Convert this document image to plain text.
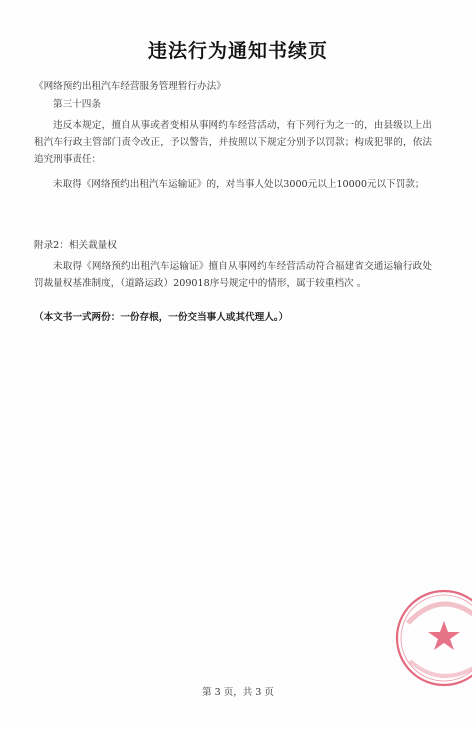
违法行为通知书续页
《网络预约出租汽车经营服务管理暂行办法》
第三十四条
违反本规定，擅自从事或者变相从事网约车经营活动，有下列行为之一的，由县级以上出租汽车行政主管部门责令改正，予以警告，并按照以下规定分别予以罚款；构成犯罪的，依法追究刑事责任：
未取得《网络预约出租汽车运输证》的，对当事人处以3000元以上10000元以下罚款；
附录2：相关裁量权
未取得《网络预约出租汽车运输证》擅自从事网约车经营活动符合福建省交通运输行政处罚裁量权基准制度，（道路运政）209018序号规定中的情形，属于较重档次 。
（本文书一式两份：一份存根，一份交当事人或其代理人。）
第 3 页，共 3 页
